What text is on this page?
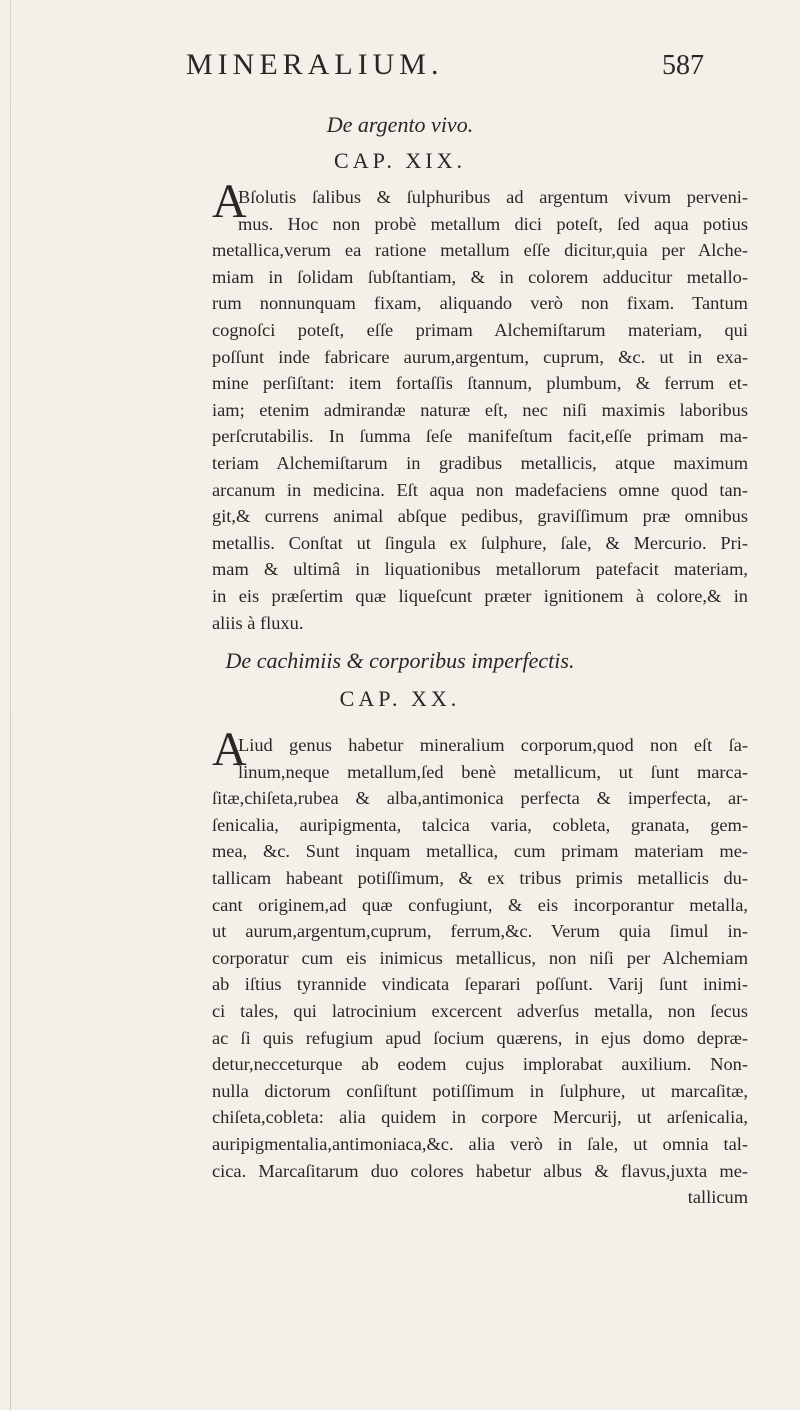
MINERALIUM.	587
De argento vivo.
CAP. XIX.
A
Bſolutis ſalibus & ſulphuribus ad argentum vivum perveni-
mus. Hoc non probè metallum dici poteſt, ſed aqua potius
metallica,verum ea ratione metallum eſſe dicitur,quia per Alche-
miam in ſolidam ſubſtantiam, & in colorem adducitur metallo-
rum nonnunquam fixam, aliquando verò non fixam. Tantum
cognoſci poteſt, eſſe primam Alchemiſtarum materiam, qui
poſſunt inde fabricare aurum,argentum, cuprum, &c. ut in exa-
mine perſiſtant: item fortaſſis ſtannum, plumbum, & ferrum et-
iam; etenim admirandæ naturæ eſt, nec niſi maximis laboribus
perſcrutabilis. In ſumma ſeſe manifeſtum facit,eſſe primam ma-
teriam Alchemiſtarum in gradibus metallicis, atque maximum
arcanum in medicina. Eſt aqua non madefaciens omne quod tan-
git,& currens animal abſque pedibus, graviſſimum præ omnibus
metallis. Conſtat ut ſingula ex ſulphure, ſale, & Mercurio. Pri-
mam & ultimâ in liquationibus metallorum patefacit materiam,
in eis præſertim quæ liqueſcunt præter ignitionem à colore,& in
aliis à fluxu.
De cachimiis & corporibus imperfectis.
CAP. XX.
A
Liud genus habetur mineralium corporum,quod non eſt ſa-
linum,neque metallum,ſed benè metallicum, ut ſunt marca-
ſitæ,chiſeta,rubea & alba,antimonica perfecta & imperfecta, ar-
ſenicalia, auripigmenta, talcica varia, cobleta, granata, gem-
mea, &c. Sunt inquam metallica, cum primam materiam me-
tallicam habeant potiſſimum, & ex tribus primis metallicis du-
cant originem,ad quæ confugiunt, & eis incorporantur metalla,
ut aurum,argentum,cuprum, ferrum,&c. Verum quia ſimul in-
corporatur cum eis inimicus metallicus, non niſi per Alchemiam
ab iſtius tyrannide vindicata ſeparari poſſunt. Varij ſunt inimi-
ci tales, qui latrocinium excercent adverſus metalla, non ſecus
ac ſi quis refugium apud ſocium quærens, in ejus domo depræ-
detur,necceturque ab eodem cujus implorabat auxilium. Non-
nulla dictorum conſiſtunt potiſſimum in ſulphure, ut marcaſitæ,
chiſeta,cobleta: alia quidem in corpore Mercurij, ut arſenicalia,
auripigmentalia,antimoniaca,&c. alia verò in ſale, ut omnia tal-
cica. Marcaſitarum duo colores habetur albus & flavus,juxta me-
tallicum
